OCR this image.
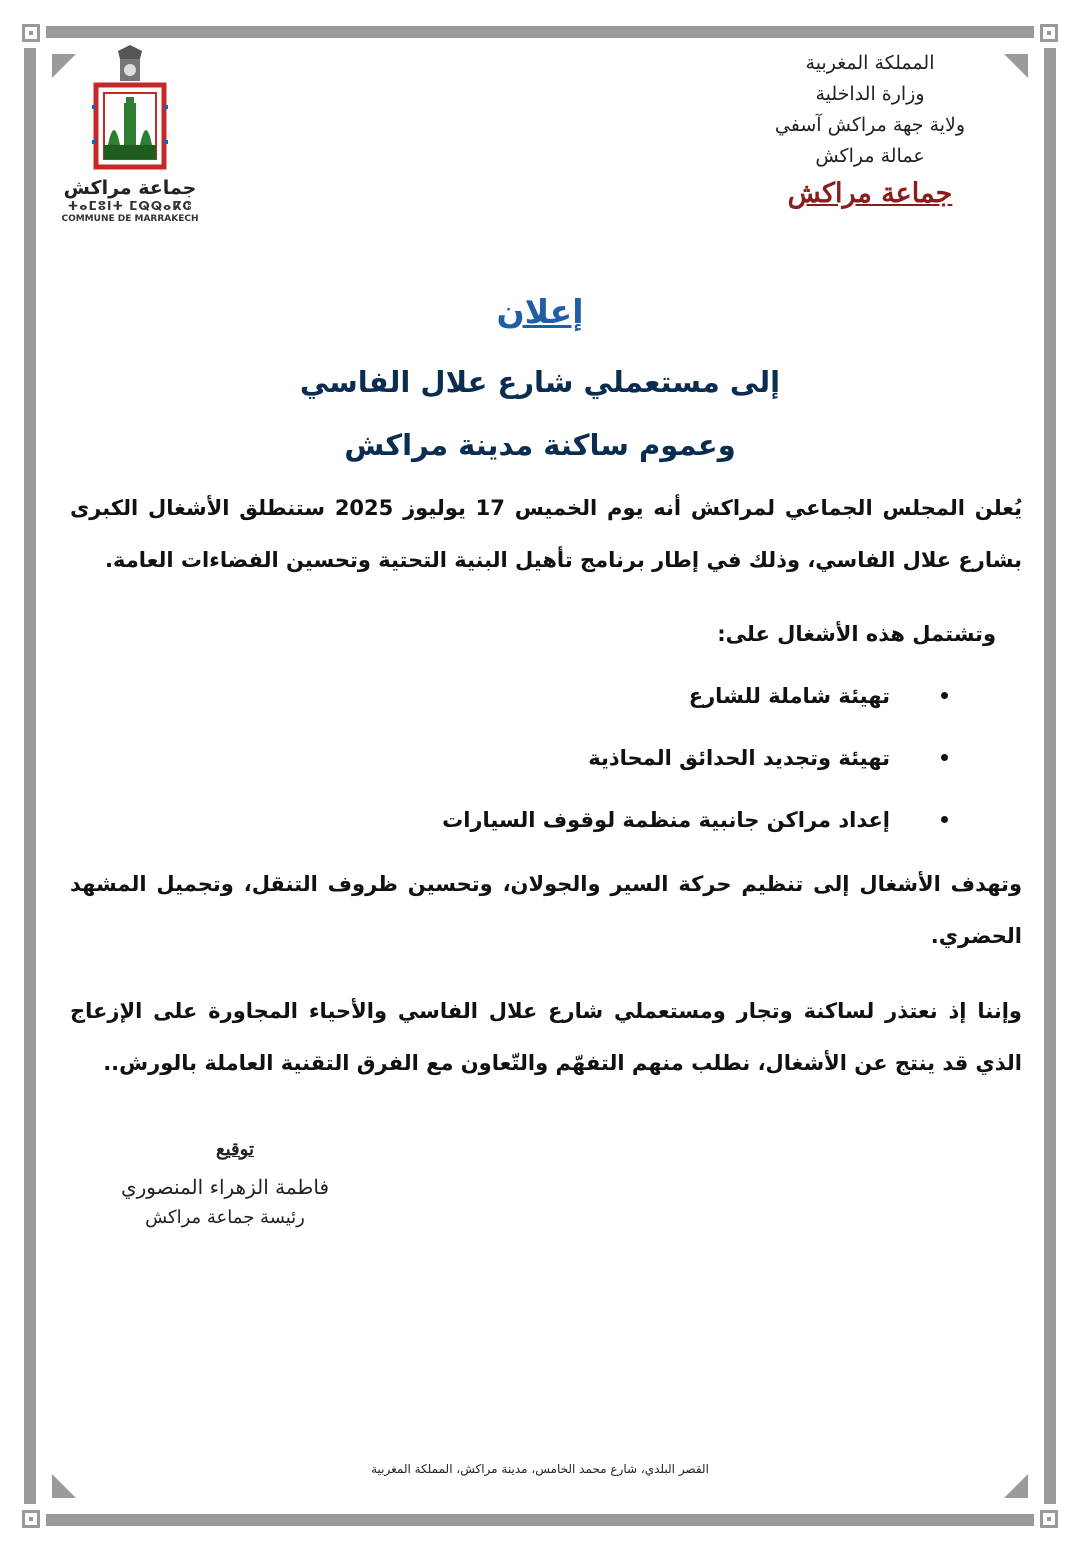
المملكة المغربية
وزارة الداخلية
ولاية جهة مراكش آسفي
عمالة مراكش
جماعة مراكش
جماعة مراكش
ⵜⴰⵎⵓⵏⵜ ⵎⵕⵕⴰⴽⵛ
COMMUNE DE MARRAKECH
إعلان
إلى مستعملي شارع علال الفاسي
وعموم ساكنة مدينة مراكش
يُعلن المجلس الجماعي لمراكش أنه يوم الخميس 17 يوليوز 2025 ستنطلق الأشغال الكبرى بشارع علال الفاسي، وذلك في إطار برنامج تأهيل البنية التحتية وتحسين الفضاءات العامة.
وتشتمل هذه الأشغال على:
تهيئة شاملة للشارع
تهيئة وتجديد الحدائق المحاذية
إعداد مراكن جانبية منظمة لوقوف السيارات
وتهدف الأشغال إلى تنظيم حركة السير والجولان، وتحسين ظروف التنقل، وتجميل المشهد الحضري.
وإننا إذ نعتذر لساكنة وتجار ومستعملي شارع علال الفاسي والأحياء المجاورة على الإزعاج الذي قد ينتج عن الأشغال، نطلب منهم التفهّم والتّعاون مع الفرق التقنية العاملة بالورش..
توقيع
فاطمة الزهراء المنصوري
رئيسة جماعة مراكش
القصر البلدي، شارع محمد الخامس، مدينة مراكش، المملكة المغربية
